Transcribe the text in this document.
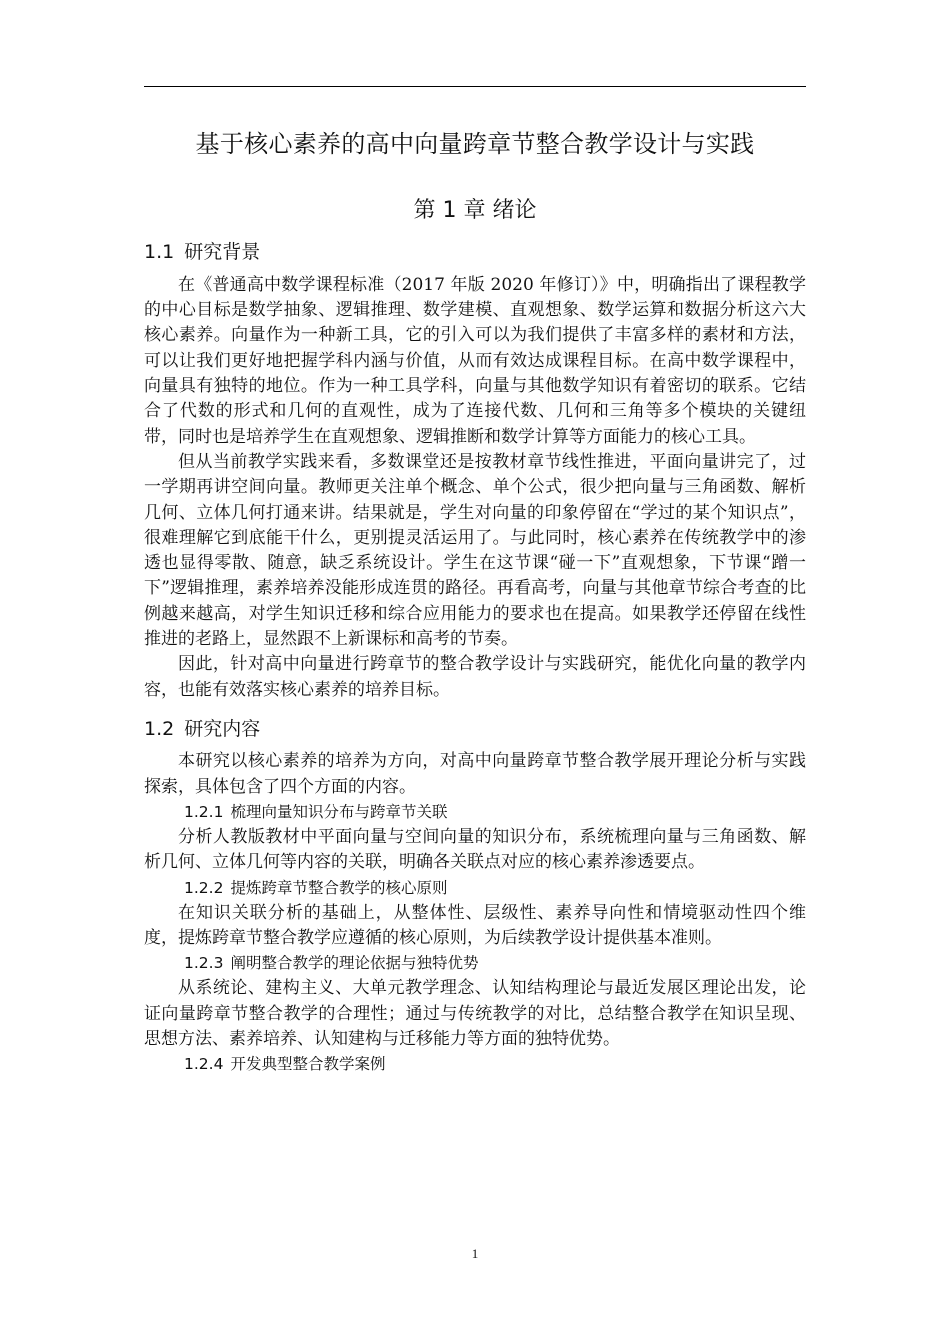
基于核心素养的高中向量跨章节整合教学设计与实践
第 1 章 绪论
1.1 研究背景

在《普通高中数学课程标准（2017 年版 2020 年修订）》中，明确指出了课程教学的中心目标是数学抽象、逻辑推理、数学建模、直观想象、数学运算和数据分析这六大核心素养。向量作为一种新工具，它的引入可以为我们提供了丰富多样的素材和方法，可以让我们更好地把握学科内涵与价值，从而有效达成课程目标。在高中数学课程中，向量具有独特的地位。作为一种工具学科，向量与其他数学知识有着密切的联系。它结合了代数的形式和几何的直观性，成为了连接代数、几何和三角等多个模块的关键纽带，同时也是培养学生在直观想象、逻辑推断和数学计算等方面能力的核心工具。

但从当前教学实践来看，多数课堂还是按教材章节线性推进，平面向量讲完了，过一学期再讲空间向量。教师更关注单个概念、单个公式，很少把向量与三角函数、解析几何、立体几何打通来讲。结果就是，学生对向量的印象停留在“学过的某个知识点”，很难理解它到底能干什么，更别提灵活运用了。与此同时，核心素养在传统教学中的渗透也显得零散、随意，缺乏系统设计。学生在这节课“碰一下”直观想象，下节课“蹭一下”逻辑推理，素养培养没能形成连贯的路径。再看高考，向量与其他章节综合考查的比例越来越高，对学生知识迁移和综合应用能力的要求也在提高。如果教学还停留在线性推进的老路上，显然跟不上新课标和高考的节奏。

因此，针对高中向量进行跨章节的整合教学设计与实践研究，能优化向量的教学内容，也能有效落实核心素养的培养目标。

1.2 研究内容

本研究以核心素养的培养为方向，对高中向量跨章节整合教学展开理论分析与实践探索，具体包含了四个方面的内容。

1.2.1 梳理向量知识分布与跨章节关联

分析人教版教材中平面向量与空间向量的知识分布，系统梳理向量与三角函数、解析几何、立体几何等内容的关联，明确各关联点对应的核心素养渗透要点。

1.2.2 提炼跨章节整合教学的核心原则

在知识关联分析的基础上，从整体性、层级性、素养导向性和情境驱动性四个维度，提炼跨章节整合教学应遵循的核心原则，为后续教学设计提供基本准则。

1.2.3 阐明整合教学的理论依据与独特优势

从系统论、建构主义、大单元教学理念、认知结构理论与最近发展区理论出发，论证向量跨章节整合教学的合理性；通过与传统教学的对比，总结整合教学在知识呈现、思想方法、素养培养、认知建构与迁移能力等方面的独特优势。

1.2.4 开发典型整合教学案例
1
